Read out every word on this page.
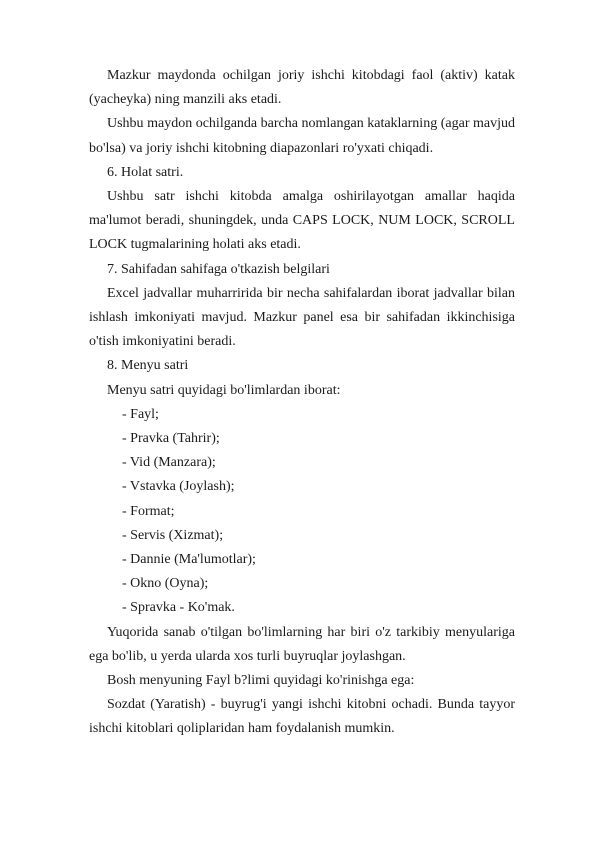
Mazkur maydonda ochilgan joriy ishchi kitobdagi faol (aktiv) katak (yacheyka) ning manzili aks etadi.

Ushbu maydon ochilganda barcha nomlangan kataklarning (agar mavjud bo'lsa) va joriy ishchi kitobning diapazonlari ro'yxati chiqadi.

6. Holat satri.

Ushbu satr ishchi kitobda amalga oshirilayotgan amallar haqida ma'lumot beradi, shuningdek, unda CAPS LOCK, NUM LOCK, SCROLL LOCK tugmalarining holati aks etadi.

7. Sahifadan sahifaga o'tkazish belgilari

Excel jadvallar muharririda bir necha sahifalardan iborat jadvallar bilan ishlash imkoniyati mavjud. Mazkur panel esa bir sahifadan ikkinchisiga o'tish imkoniyatini beradi.

8. Menyu satri

Menyu satri quyidagi bo'limlardan iborat:

- Fayl;
- Pravka (Tahrir);
- Vid (Manzara);
- Vstavka (Joylash);
- Format;
- Servis (Xizmat);
- Dannie (Ma'lumotlar);
- Okno (Oyna);
- Spravka - Ko'mak.

Yuqorida sanab o'tilgan bo'limlarning har biri o'z tarkibiy menyulariga ega bo'lib, u yerda ularda xos turli buyruqlar joylashgan.

Bosh menyuning Fayl b?limi quyidagi ko'rinishga ega:

Sozdat (Yaratish) - buyrug'i yangi ishchi kitobni ochadi. Bunda tayyor ishchi kitoblari qoliplaridan ham foydalanish mumkin.
